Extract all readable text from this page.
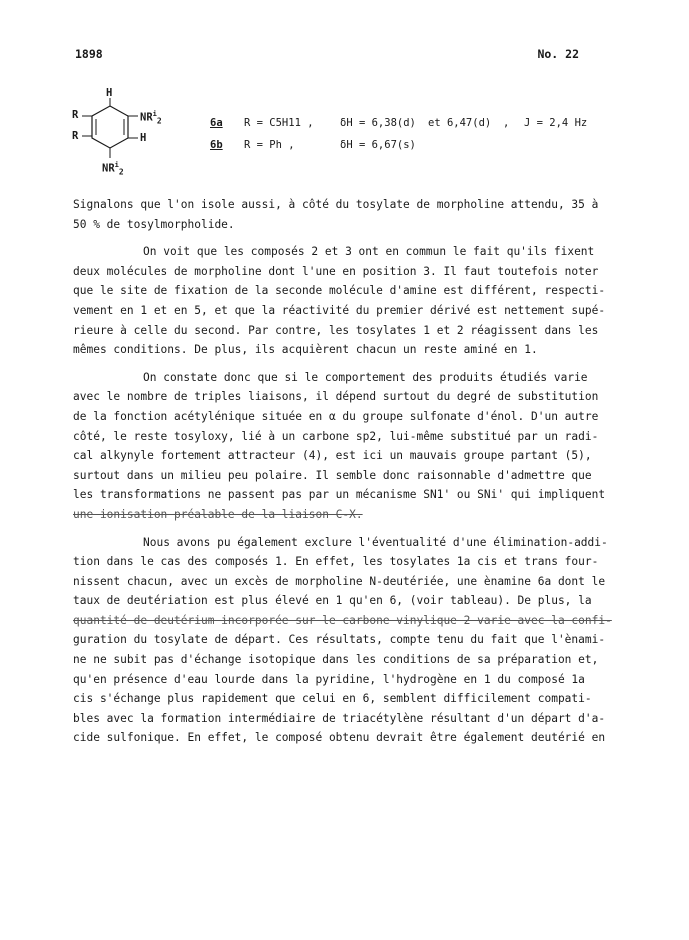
1898	No. 22
H
R
R
$NR^i_2$
H
$NR^i_2$

6a

R = C5H11 ,

	δH = 6,38(d)

et 6,47(d)

,

J = 2,4 Hz

6b

R = Ph ,

	δH = 6,67(s)

Signalons que l'on isole aussi, à côté du tosylate de morpholine attendu, 35 à
50 % de tosylmorpholide.
On voit que les composés 2 et 3 ont en commun le fait qu'ils fixent
deux molécules de morpholine dont l'une en position 3. Il faut toutefois noter
que le site de fixation de la seconde molécule d'amine est différent, respecti-
vement en 1 et en 5, et que la réactivité du premier dérivé est nettement supé-
rieure à celle du second. Par contre, les tosylates 1 et 2 réagissent dans les
mêmes conditions. De plus, ils acquièrent chacun un reste aminé en 1.
On constate donc que si le comportement des produits étudiés varie
avec le nombre de triples liaisons, il dépend surtout du degré de substitution
de la fonction acétylénique située en α du groupe sulfonate d'énol. D'un autre
côté, le reste tosyloxy, lié à un carbone sp2, lui-même substitué par un radi-
cal alkynyle fortement attracteur (4), est ici un mauvais groupe partant (5),
surtout dans un milieu peu polaire. Il semble donc raisonnable d'admettre que
les transformations ne passent pas par un mécanisme SN1' ou SNi' qui impliquent
une ionisation préalable de la liaison C-X.
Nous avons pu également exclure l'éventualité d'une élimination-addi-
tion dans le cas des composés 1. En effet, les tosylates 1a cis et trans four-
nissent chacun, avec un excès de morpholine N-deutériée, une ènamine 6a dont le
taux de deutériation est plus élevé en 1 qu'en 6, (voir tableau). De plus, la
quantité de deutérium incorporée sur le carbone vinylique 2 varie avec la confi-
guration du tosylate de départ. Ces résultats, compte tenu du fait que l'ènami-
ne ne subit pas d'échange isotopique dans les conditions de sa préparation et,
qu'en présence d'eau lourde dans la pyridine, l'hydrogène en 1 du composé 1a
cis s'échange plus rapidement que celui en 6, semblent difficilement compati-
bles avec la formation intermédiaire de triacétylène résultant d'un départ d'a-
cide sulfonique. En effet, le composé obtenu devrait être également deutérié en
